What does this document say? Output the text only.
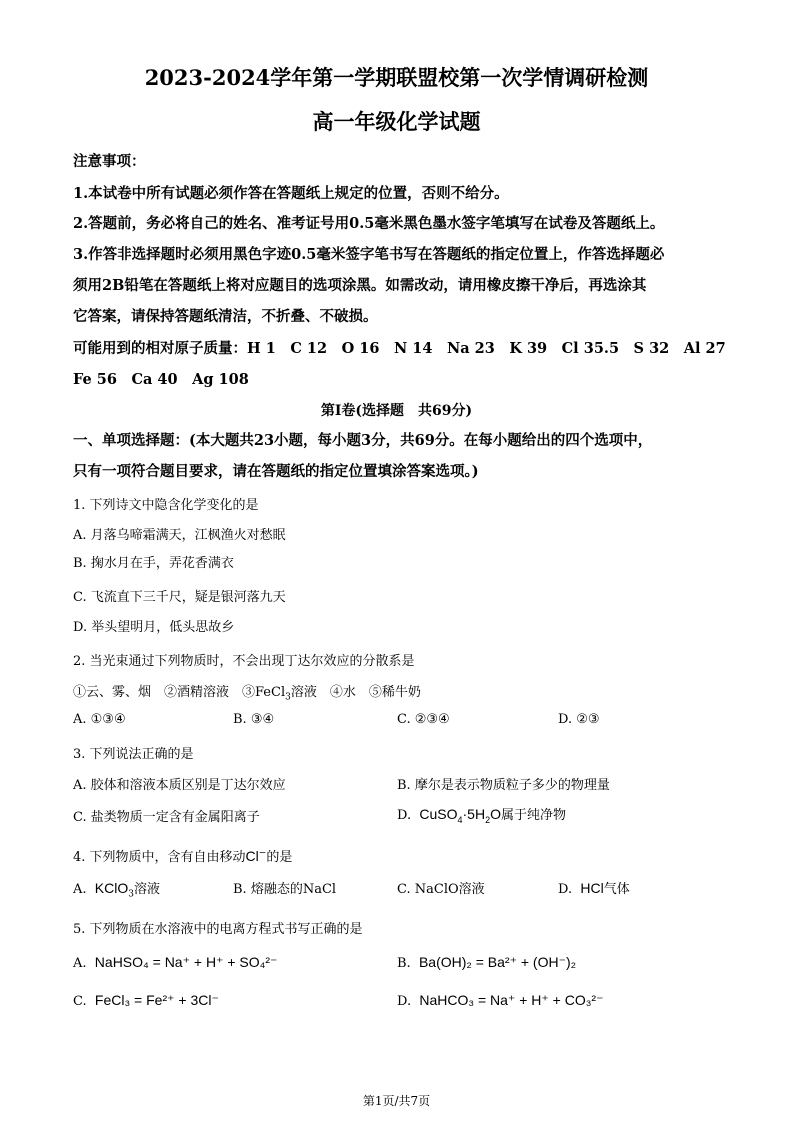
2023-2024学年第一学期联盟校第一次学情调研检测
高一年级化学试题
注意事项：
1.本试卷中所有试题必须作答在答题纸上规定的位置，否则不给分。
2.答题前，务必将自己的姓名、准考证号用0.5毫米黑色墨水签字笔填写在试卷及答题纸上。
3.作答非选择题时必须用黑色字迹0.5毫米签字笔书写在答题纸的指定位置上，作答选择题必
须用2B铅笔在答题纸上将对应题目的选项涂黑。如需改动，请用橡皮擦干净后，再选涂其
它答案，请保持答题纸清洁，不折叠、不破损。
可能用到的相对原子质量：H 1　C 12　O 16　N 14　Na 23　K 39　Cl 35.5　S 32　Al 27
Fe 56　Ca 40　Ag 108
第Ⅰ卷(选择题　共69分)
一、单项选择题：(本大题共23小题，每小题3分，共69分。在每小题给出的四个选项中，
只有一项符合题目要求，请在答题纸的指定位置填涂答案选项。)
1. 下列诗文中隐含化学变化的是
A. 月落乌啼霜满天，江枫渔火对愁眠
B. 掬水月在手，弄花香满衣
C. 飞流直下三千尺，疑是银河落九天
D. 举头望明月，低头思故乡
2. 当光束通过下列物质时，不会出现丁达尔效应的分散系是
①云、雾、烟　②酒精溶液　③FeCl$_3$溶液　④水　⑤稀牛奶
A. ①③④	B. ③④	C. ②③④	D. ②③
3. 下列说法正确的是
A. 胶体和溶液本质区别是丁达尔效应	B. 摩尔是表示物质粒子多少的物理量
C. 盐类物质一定含有金属阳离子	D. $CuSO_4\cdot 5H_2O$属于纯净物
4. 下列物质中，含有自由移动Cl−的是
A. KClO$_3$溶液	B. 熔融态的NaCl	C. NaClO溶液	D. HCl气体
5. 下列物质在水溶液中的电离方程式书写正确的是
A. NaHSO₄ = Na⁺ + H⁺ + SO₄²⁻	B. Ba(OH)₂ = Ba²⁺ + (OH⁻)₂
C. FeCl₃ = Fe²⁺ + 3Cl⁻	D. NaHCO₃ = Na⁺ + H⁺ + CO₃²⁻
第1页/共7页
